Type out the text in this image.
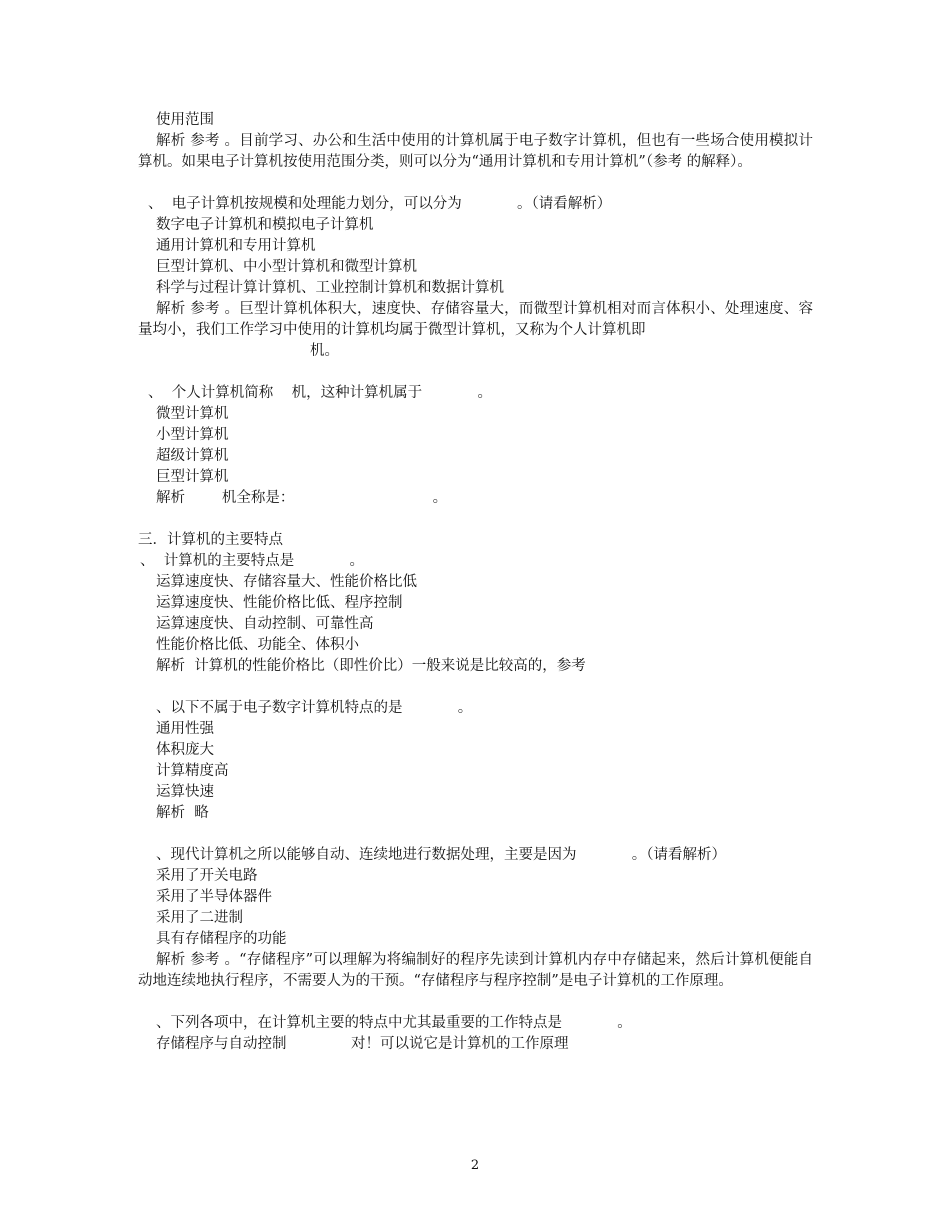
使用范围
解析 参考 。目前学习、办公和生活中使用的计算机属于电子数字计算机，但也有一些场合使用模拟计算机。如果电子计算机按使用范围分类，则可以分为“通用计算机和专用计算机”（参考 的解释）。
、  电子计算机按规模和处理能力划分，可以分为            。（请看解析）
数字电子计算机和模拟电子计算机
通用计算机和专用计算机
巨型计算机、中小型计算机和微型计算机
科学与过程计算计算机、工业控制计算机和数据计算机
解析 参考 。巨型计算机体积大，速度快、存储容量大，而微型计算机相对而言体积小、处理速度、容量均小，我们工作学习中使用的计算机均属于微型计算机，又称为个人计算机即
机。
、  个人计算机简称    机，这种计算机属于            。
微型计算机
小型计算机
超级计算机
巨型计算机
解析        机全称是：                              。
三．计算机的主要特点
、  计算机的主要特点是            。
运算速度快、存储容量大、性能价格比低
运算速度快、性能价格比低、程序控制
运算速度快、自动控制、可靠性高
性能价格比低、功能全、体积小
解析  计算机的性能价格比（即性价比）一般来说是比较高的，参考
、以下不属于电子数字计算机特点的是            。
通用性强
体积庞大
计算精度高
运算快速
解析  略
、现代计算机之所以能够自动、连续地进行数据处理，主要是因为            。（请看解析）
采用了开关电路
采用了半导体器件
采用了二进制
具有存储程序的功能
解析 参考 。“存储程序”可以理解为将编制好的程序先读到计算机内存中存储起来，然后计算机便能自动地连续地执行程序，不需要人为的干预。“存储程序与程序控制”是电子计算机的工作原理。
、下列各项中，在计算机主要的特点中尤其最重要的工作特点是            。
存储程序与自动控制              对！可以说它是计算机的工作原理
2
